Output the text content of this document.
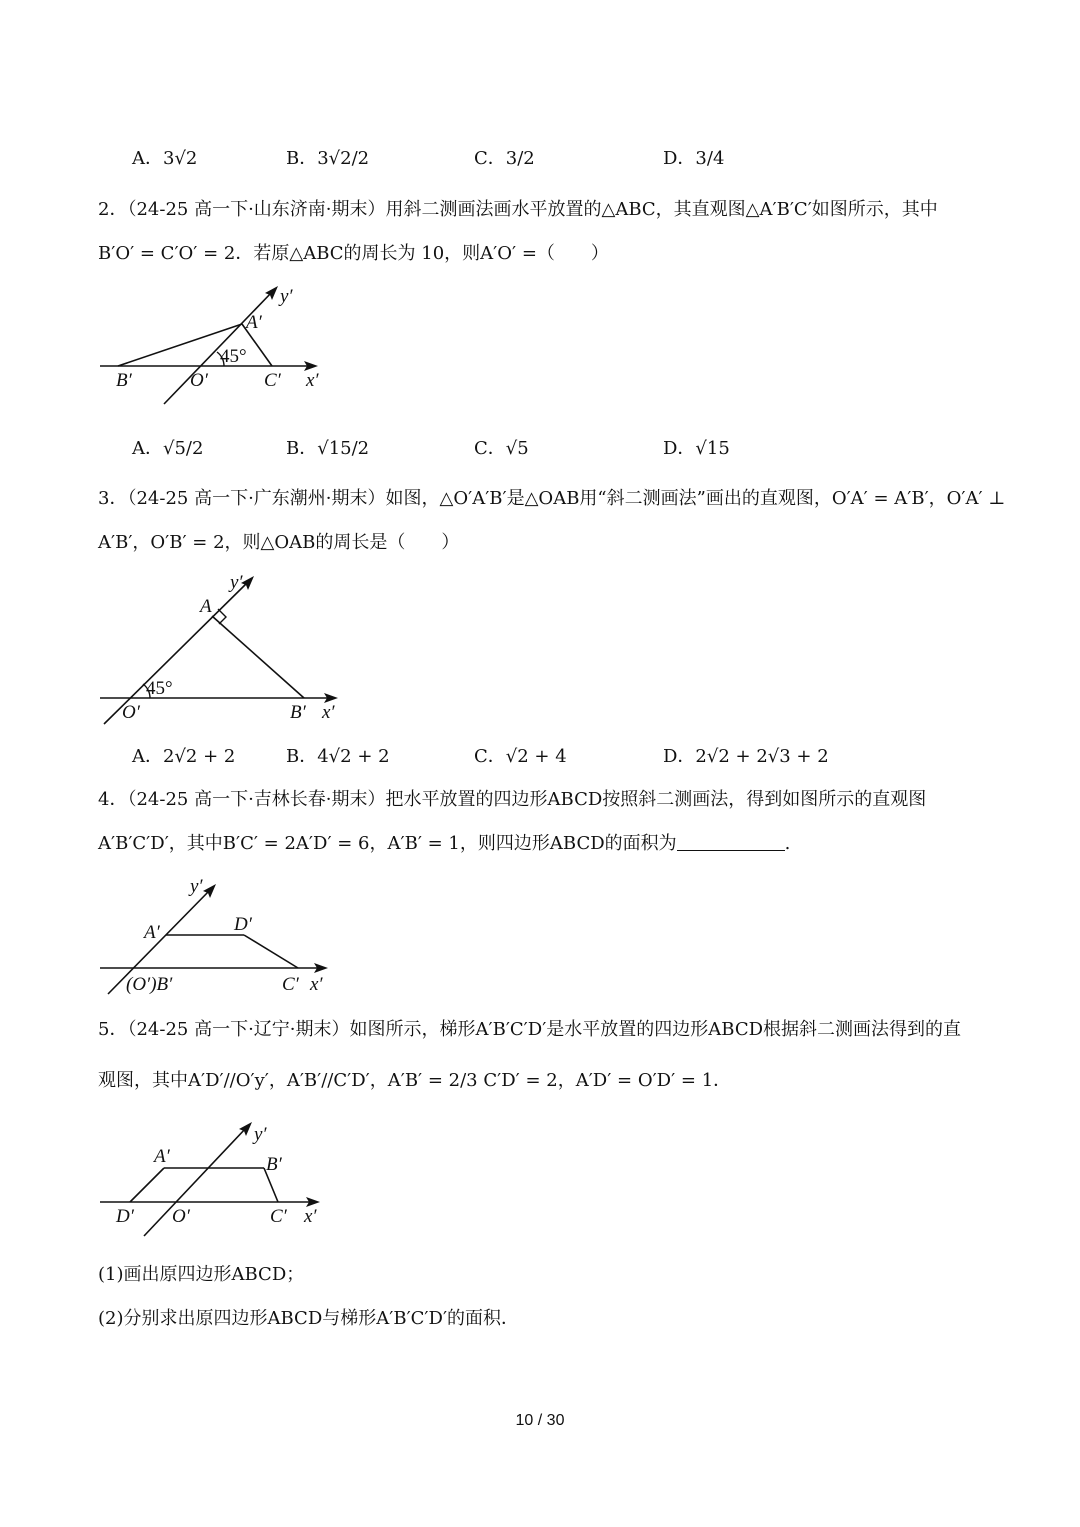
A．3√2	B．3√2/2	C．3/2	D．3/4
2．（24-25 高一下·山东济南·期末）用斜二测画法画水平放置的△ABC，其直观图△A′B′C′如图所示，其中
B′O′ = C′O′ = 2．若原△ABC的周长为 10，则A′O′ =（　　）
y′
A′
45°
B′	O′	C′ x′
A．√5/2	B．√15/2	C．√5	D．√15
3．（24-25 高一下·广东潮州·期末）如图，△O′A′B′是△OAB用“斜二测画法”画出的直观图，O′A′ = A′B′，O′A′ ⊥
A′B′，O′B′ = 2，则△OAB的周长是（　　）
y′
A
45°
O′	B′ x′
A．2√2 + 2	B．4√2 + 2	C．√2 + 4	D．2√2 + 2√3 + 2
4．（24-25 高一下·吉林长春·期末）把水平放置的四边形ABCD按照斜二测画法，得到如图所示的直观图
A′B′C′D′，其中B′C′ = 2A′D′ = 6，A′B′ = 1，则四边形ABCD的面积为	.
y′
A′	D′
(O′)B′	C′ x′
5．（24-25 高一下·辽宁·期末）如图所示，梯形A′B′C′D′是水平放置的四边形ABCD根据斜二测画法得到的直
观图，其中A′D′//O′y′，A′B′//C′D′，A′B′ = 2/3 C′D′ = 2，A′D′ = O′D′ = 1．
y′
A′	B′
D′ O′	C′ x′
(1)画出原四边形ABCD；
(2)分别求出原四边形ABCD与梯形A′B′C′D′的面积．
10 / 30
